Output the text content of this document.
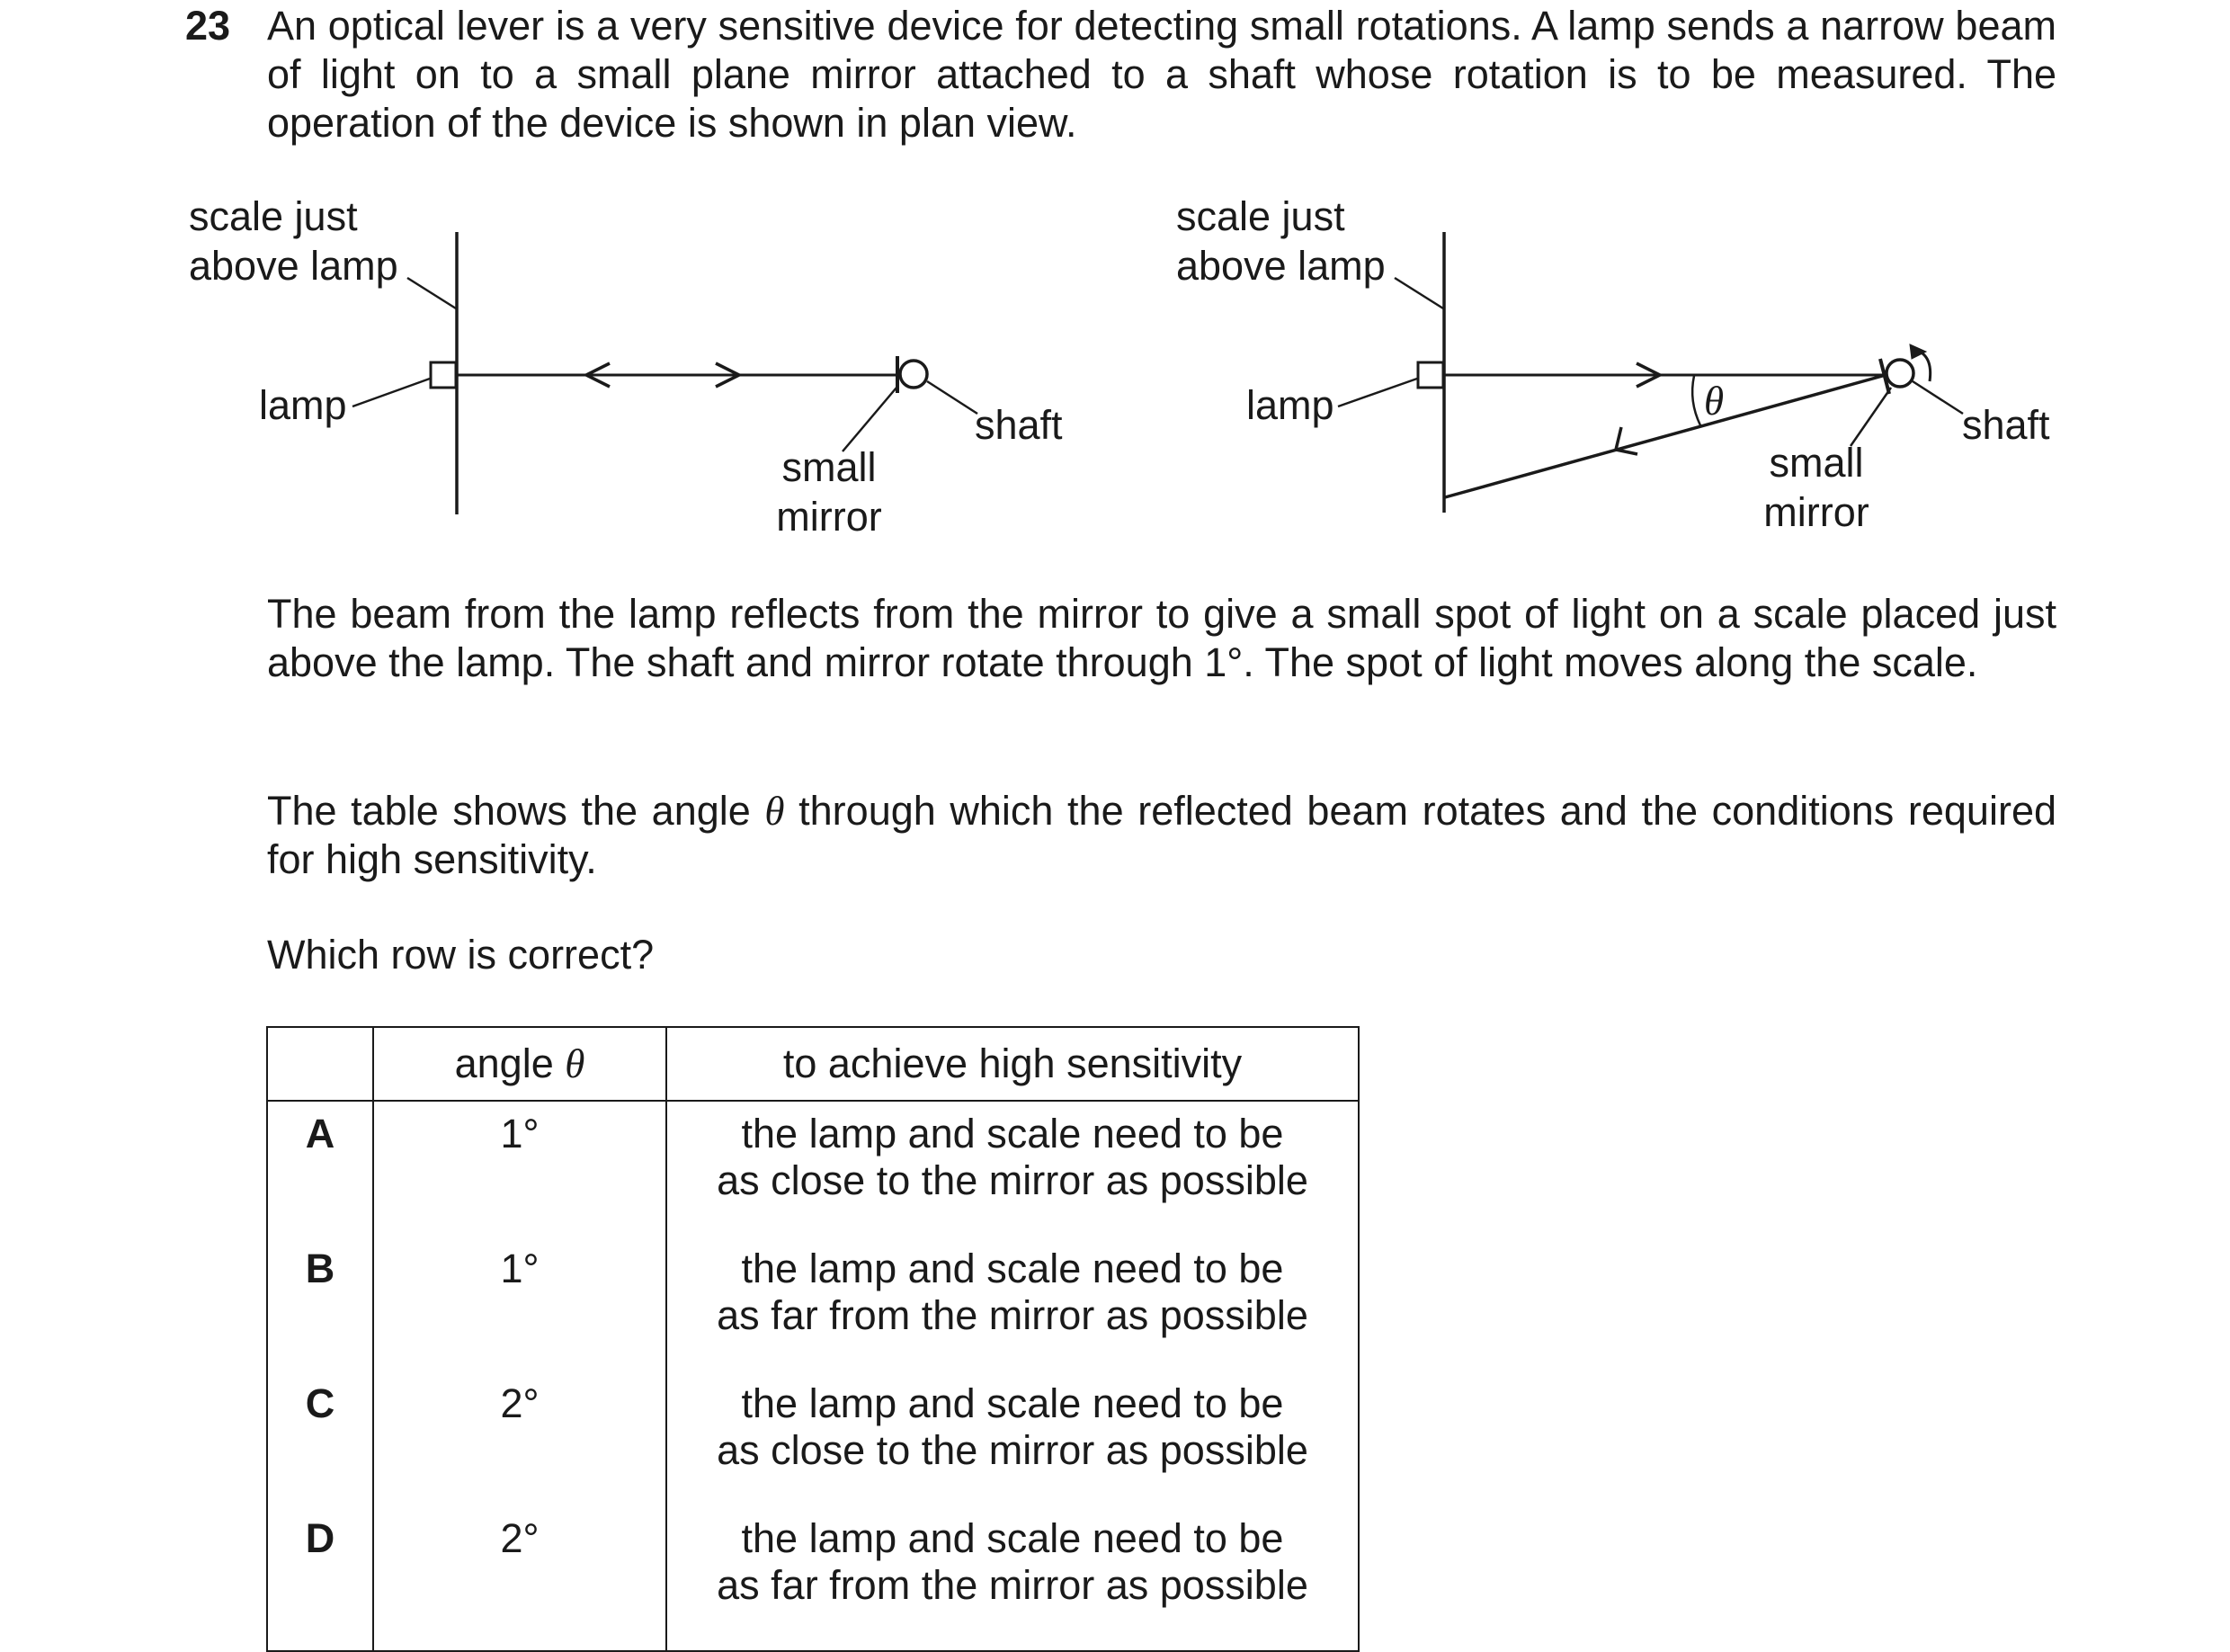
23 An optical lever is a very sensitive device for detecting small rotations. A lamp sends a narrow beam of light on to a small plane mirror attached to a shaft whose rotation is to be measured. The operation of the device is shown in plan view.
scale just
above lamp
lamp	shaft
small
mirror
scale just
above lamp
lamp	θ
shaft
small
mirror
The beam from the lamp reflects from the mirror to give a small spot of light on a scale placed just above the lamp. The shaft and mirror rotate through 1°. The spot of light moves along the scale.
The table shows the angle θ through which the reflected beam rotates and the conditions required for high sensitivity.
Which row is correct?
	angle θ	to achieve high sensitivity
A	1°	the lamp and scale need to be
as close to the mirror as possible

B	1°	the lamp and scale need to be
as far from the mirror as possible

C	2°	the lamp and scale need to be
as close to the mirror as possible

D	2°	the lamp and scale need to be
as far from the mirror as possible
